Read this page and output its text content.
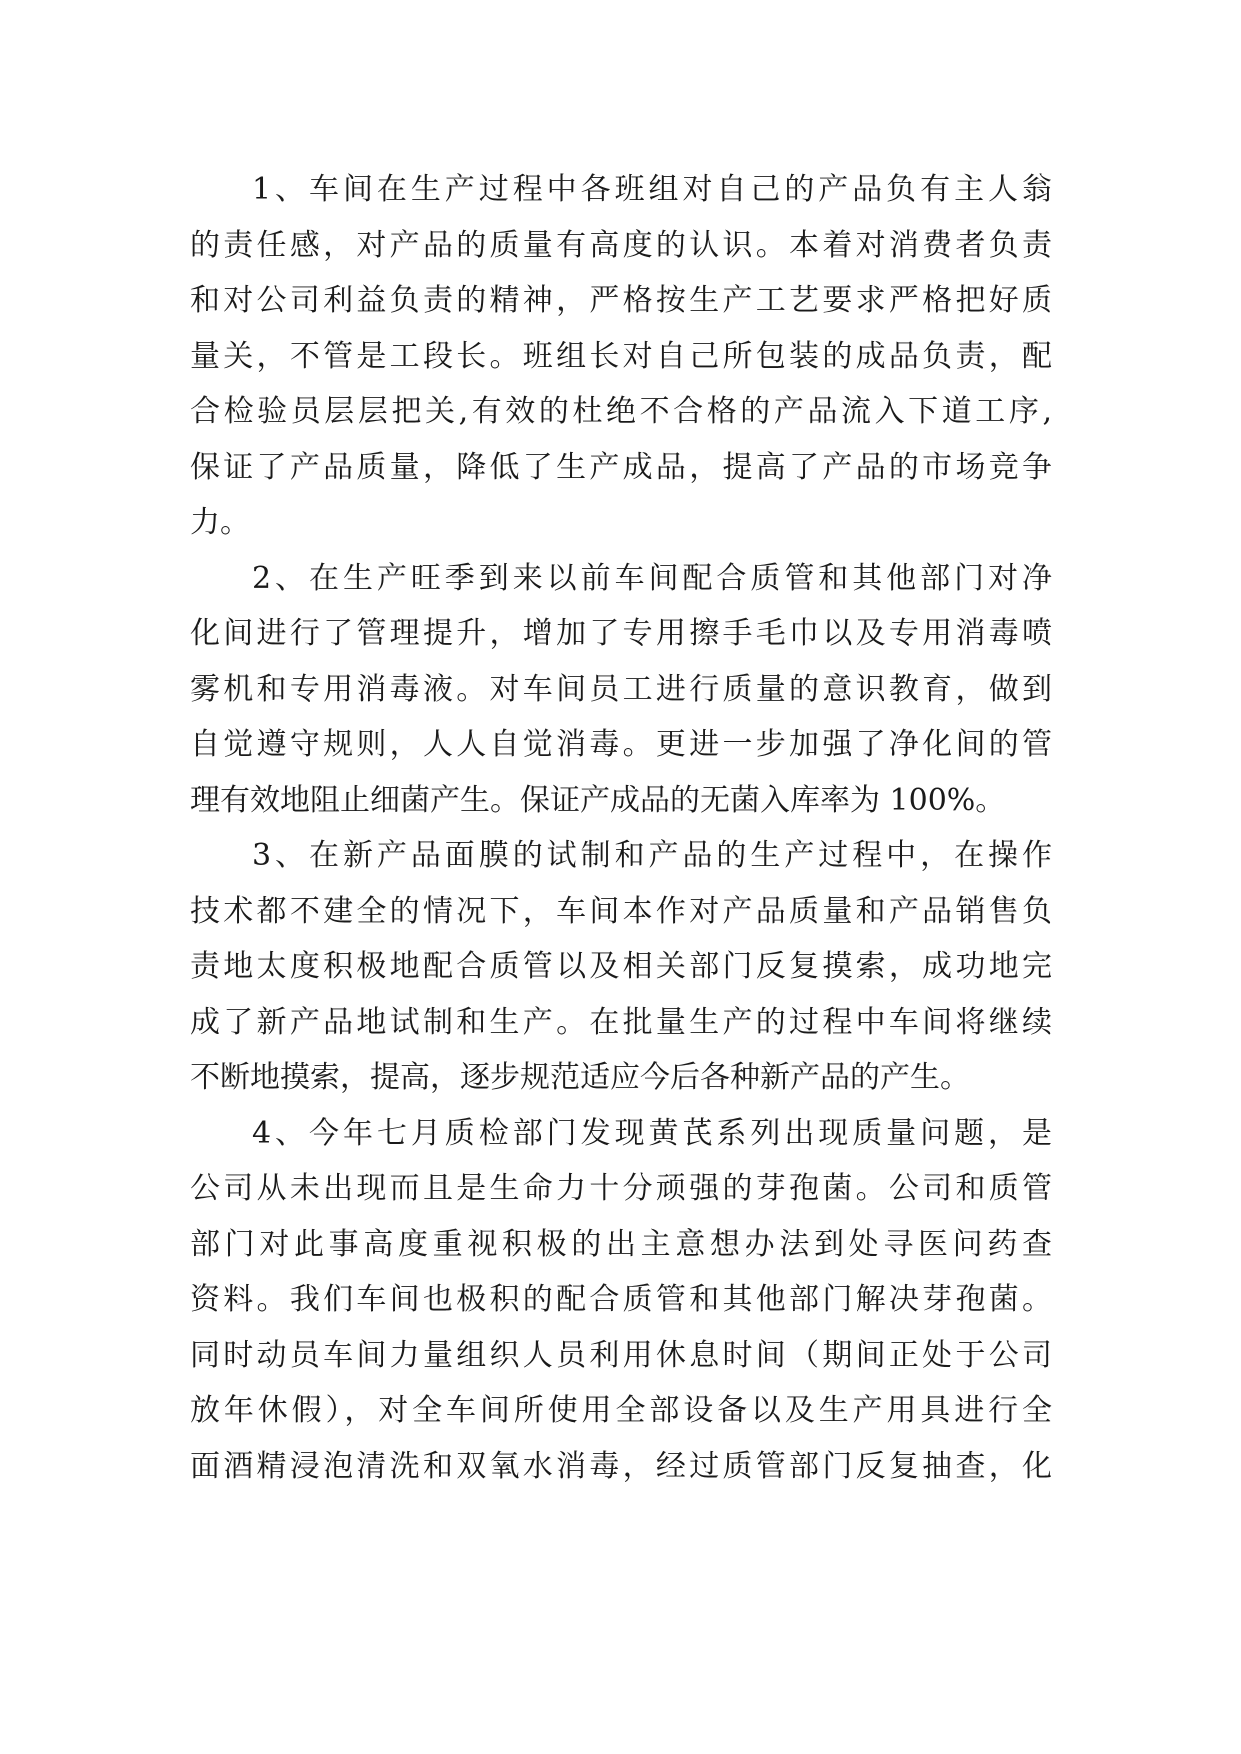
1、车间在生产过程中各班组对自己的产品负有主人翁
的责任感，对产品的质量有高度的认识。本着对消费者负责
和对公司利益负责的精神，严格按生产工艺要求严格把好质
量关，不管是工段长。班组长对自己所包装的成品负责，配
合检验员层层把关,有效的杜绝不合格的产品流入下道工序,
保证了产品质量，降低了生产成品，提高了产品的市场竞争
力。
2、在生产旺季到来以前车间配合质管和其他部门对净
化间进行了管理提升，增加了专用擦手毛巾以及专用消毒喷
雾机和专用消毒液。对车间员工进行质量的意识教育，做到
自觉遵守规则，人人自觉消毒。更进一步加强了净化间的管
理有效地阻止细菌产生。保证产成品的无菌入库率为 100%。
3、在新产品面膜的试制和产品的生产过程中，在操作
技术都不建全的情况下，车间本作对产品质量和产品销售负
责地太度积极地配合质管以及相关部门反复摸索，成功地完
成了新产品地试制和生产。在批量生产的过程中车间将继续
不断地摸索，提高，逐步规范适应今后各种新产品的产生。
4、今年七月质检部门发现黄芪系列出现质量问题，是
公司从未出现而且是生命力十分顽强的芽孢菌。公司和质管
部门对此事高度重视积极的出主意想办法到处寻医问药查
资料。我们车间也极积的配合质管和其他部门解决芽孢菌。
同时动员车间力量组织人员利用休息时间（期间正处于公司
放年休假），对全车间所使用全部设备以及生产用具进行全
面酒精浸泡清洗和双氧水消毒，经过质管部门反复抽查，化
